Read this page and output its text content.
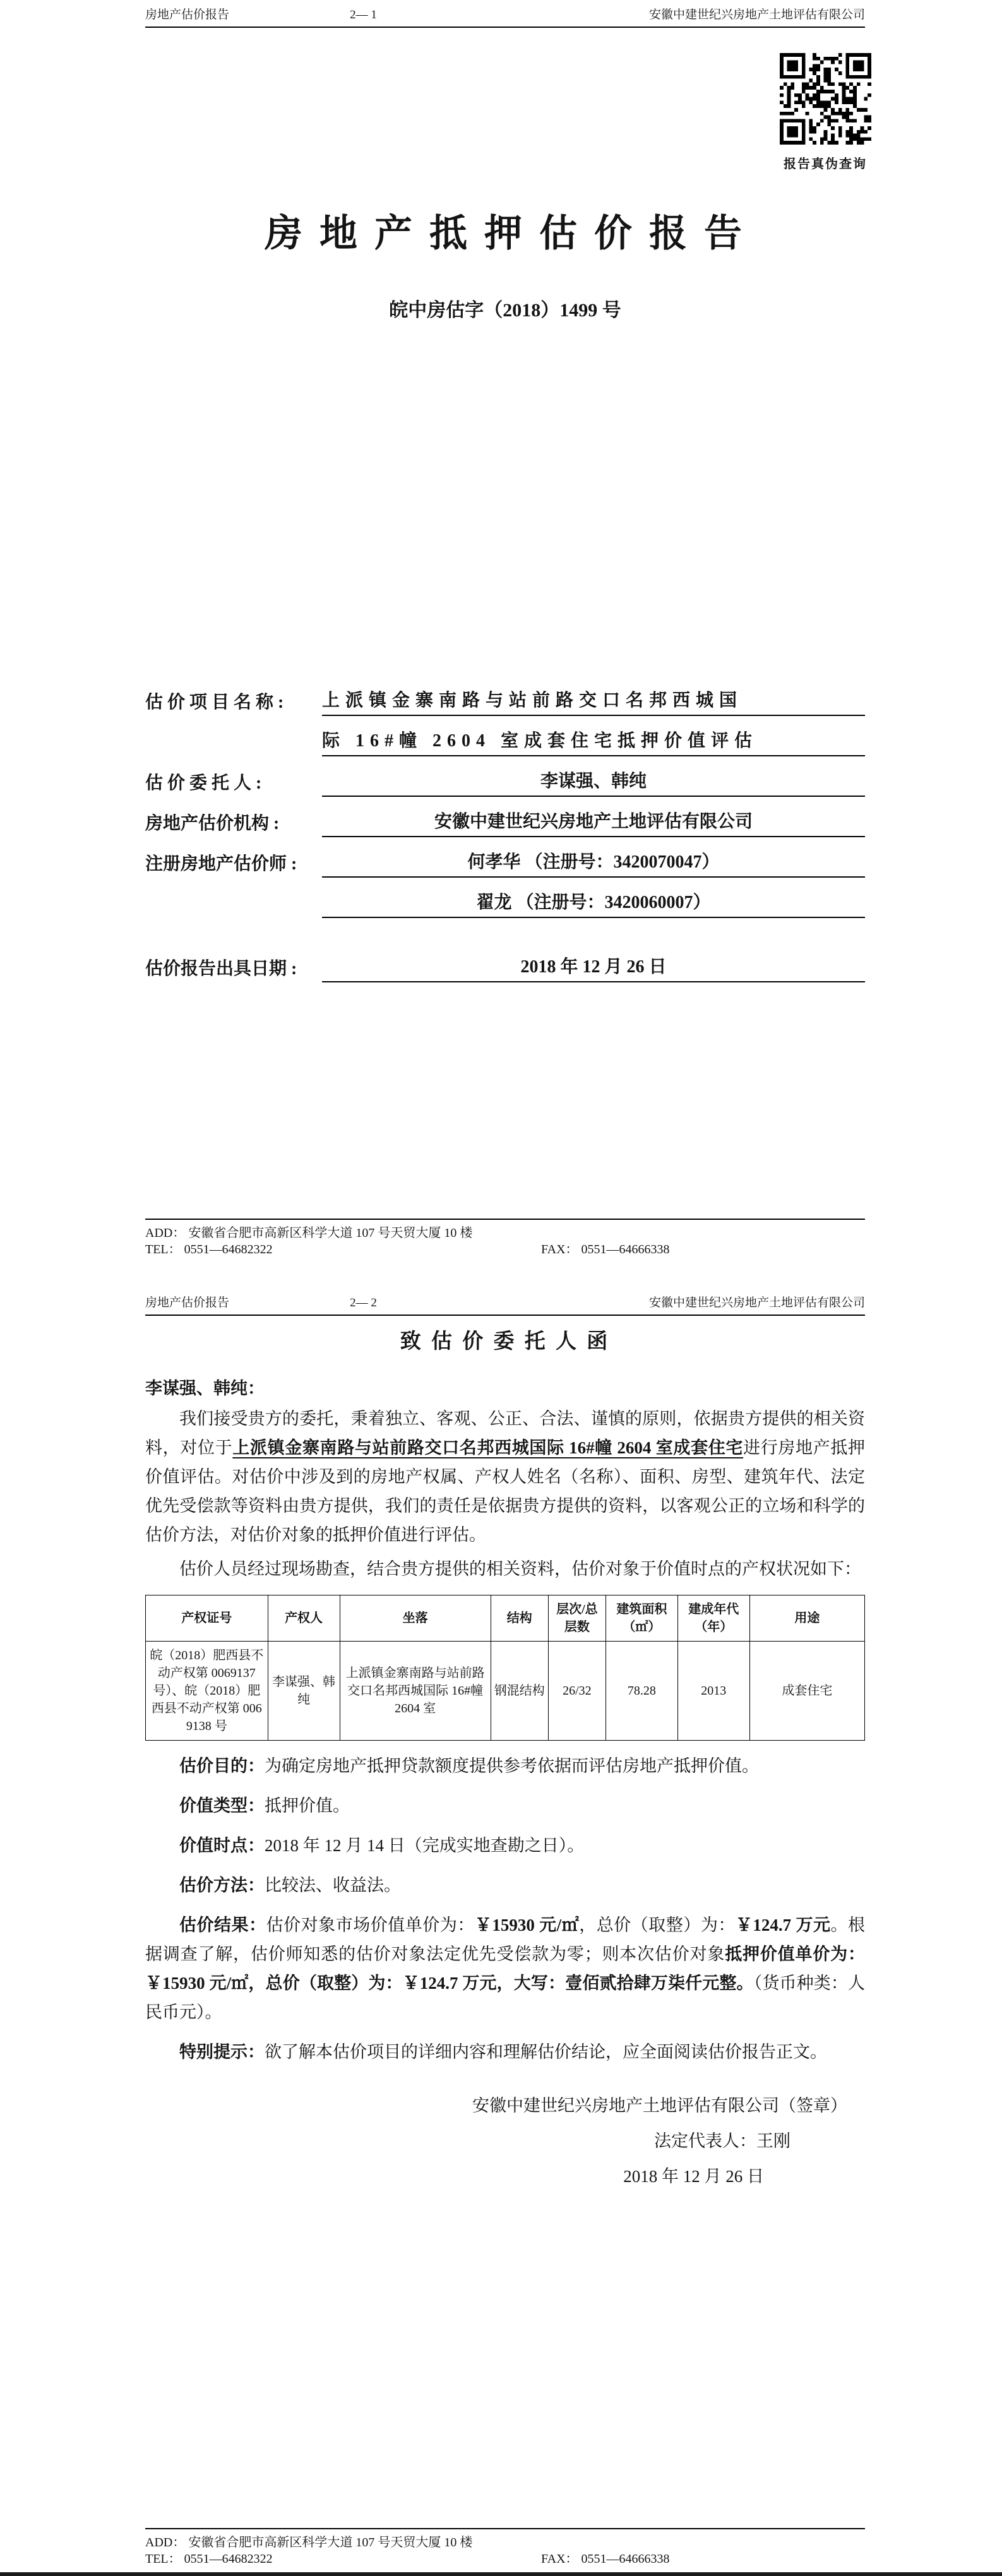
房地产估价报告	2— 1	安徽中建世纪兴房地产土地评估有限公司
报告真伪查询
房 地 产 抵 押 估 价 报 告
皖中房估字（2018）1499 号
估 价 项 目 名 称 :	上派镇金寨南路与站前路交口名邦西城国
际 16#幢 2604 室成套住宅抵押价值评估
估 价 委 托 人 :	李谋强、韩纯
房地产估价机构 :	安徽中建世纪兴房地产土地评估有限公司
注册房地产估价师 :	何孝华 （注册号：3420070047）
翟龙 （注册号：3420060007）
估价报告出具日期 :	2018 年 12 月 26 日
ADD： 安徽省合肥市高新区科学大道 107 号天贸大厦 10 楼
TEL： 0551—64682322	FAX： 0551—64666338
房地产估价报告	2— 2	安徽中建世纪兴房地产土地评估有限公司
致 估 价 委 托 人 函

李谋强、韩纯：

我们接受贵方的委托，秉着独立、客观、公正、合法、谨慎的原则，依据贵方提供的相关资料，对位于上派镇金寨南路与站前路交口名邦西城国际 16#幢 2604 室成套住宅进行房地产抵押价值评估。对估价中涉及到的房地产权属、产权人姓名（名称）、面积、房型、建筑年代、法定优先受偿款等资料由贵方提供，我们的责任是依据贵方提供的资料，以客观公正的立场和科学的估价方法，对估价对象的抵押价值进行评估。

估价人员经过现场勘查，结合贵方提供的相关资料，估价对象于价值时点的产权状况如下：

产权证号	产权人	坐落	结构	层次/总层数	建筑面积（㎡）	建成年代（年）	用途
皖（2018）肥西县不动产权第 0069137 号）、皖（2018）肥西县不动产权第 0069138 号	李谋强、韩纯	上派镇金寨南路与站前路交口名邦西城国际 16#幢 2604 室	钢混结构	26/32	78.28	2013	成套住宅

估价目的：为确定房地产抵押贷款额度提供参考依据而评估房地产抵押价值。

价值类型：抵押价值。

价值时点：2018 年 12 月 14 日（完成实地查勘之日）。

估价方法：比较法、收益法。

估价结果：估价对象市场价值单价为：￥15930 元/㎡，总价（取整）为：￥124.7 万元。根据调查了解，估价师知悉的估价对象法定优先受偿款为零；则本次估价对象抵押价值单价为：￥15930 元/㎡，总价（取整）为：￥124.7 万元，大写：壹佰贰拾肆万柒仟元整。（货币种类：人民币元）。

特别提示：欲了解本估价项目的详细内容和理解估价结论，应全面阅读估价报告正文。

安徽中建世纪兴房地产土地评估有限公司（签章）

法定代表人：王刚

2018 年 12 月 26 日

ADD： 安徽省合肥市高新区科学大道 107 号天贸大厦 10 楼
TEL： 0551—64682322	FAX： 0551—64666338
